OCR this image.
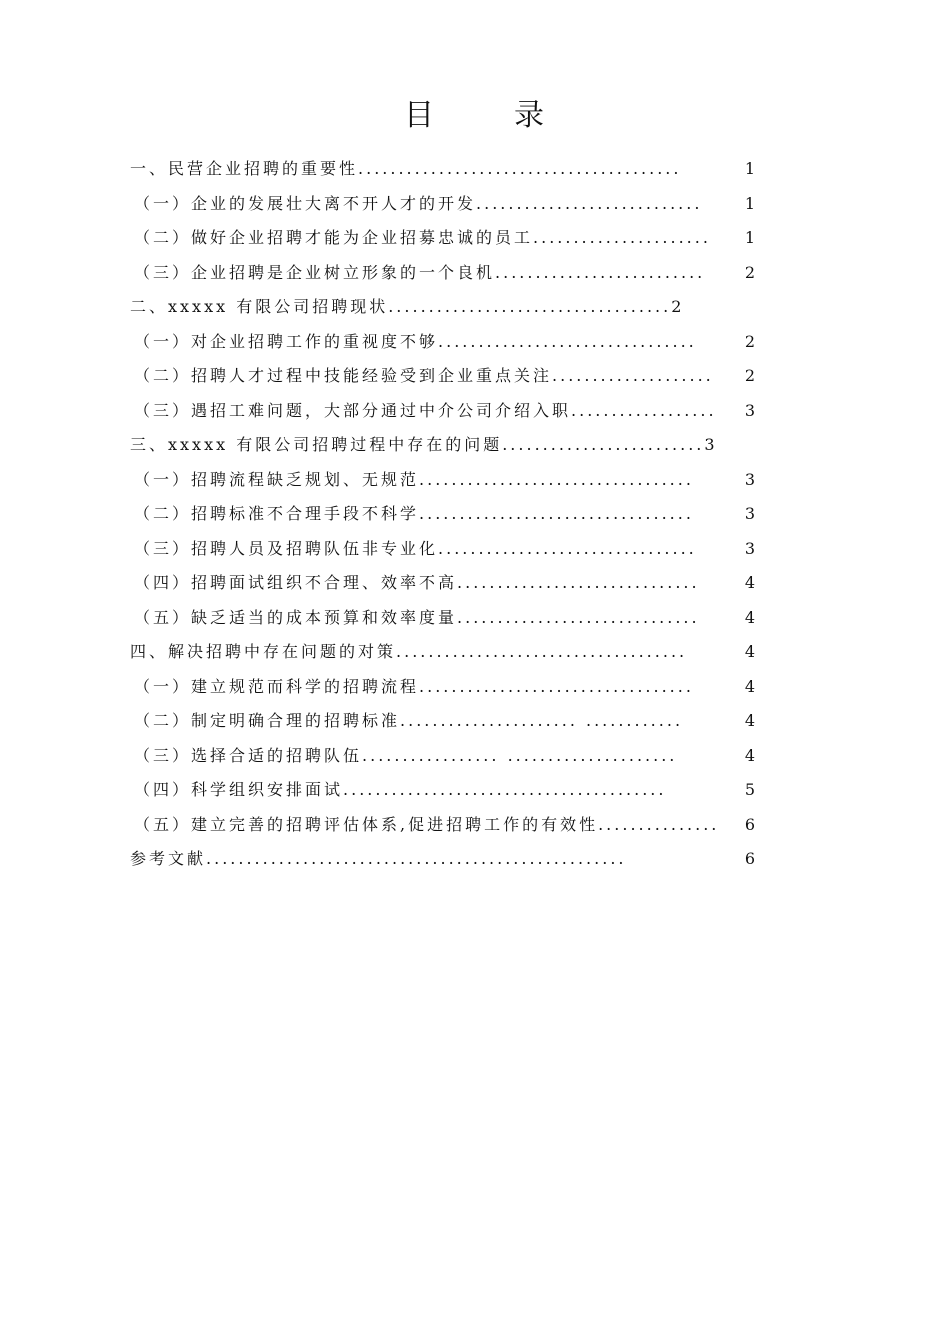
目	录
一、民营企业招聘的重要性........................................	1
（一）企业的发展壮大离不开人才的开发............................	1
（二）做好企业招聘才能为企业招募忠诚的员工...................... 1
（三）企业招聘是企业树立形象的一个良机.......................... 2
二、xxxxx 有限公司招聘现状...................................2
（一）对企业招聘工作的重视度不够................................	2
（二）招聘人才过程中技能经验受到企业重点关注.................... 2
（三）遇招工难问题，大部分通过中介公司介绍入职.................. 3
三、xxxxx 有限公司招聘过程中存在的问题.........................3
（一）招聘流程缺乏规划、无规范..................................	3
（二）招聘标准不合理手段不科学..................................	3
（三）招聘人员及招聘队伍非专业化................................	3
（四）招聘面试组织不合理、效率不高..............................	4
（五）缺乏适当的成本预算和效率度量..............................	4
四、解决招聘中存在问题的对策....................................	4
（一）建立规范而科学的招聘流程..................................	4
（二）制定明确合理的招聘标准...................... ............	4
（三）选择合适的招聘队伍................. .....................	4
（四）科学组织安排面试........................................	5
（五）建立完善的招聘评估体系,促进招聘工作的有效性............... 6
参考文献....................................................	6
